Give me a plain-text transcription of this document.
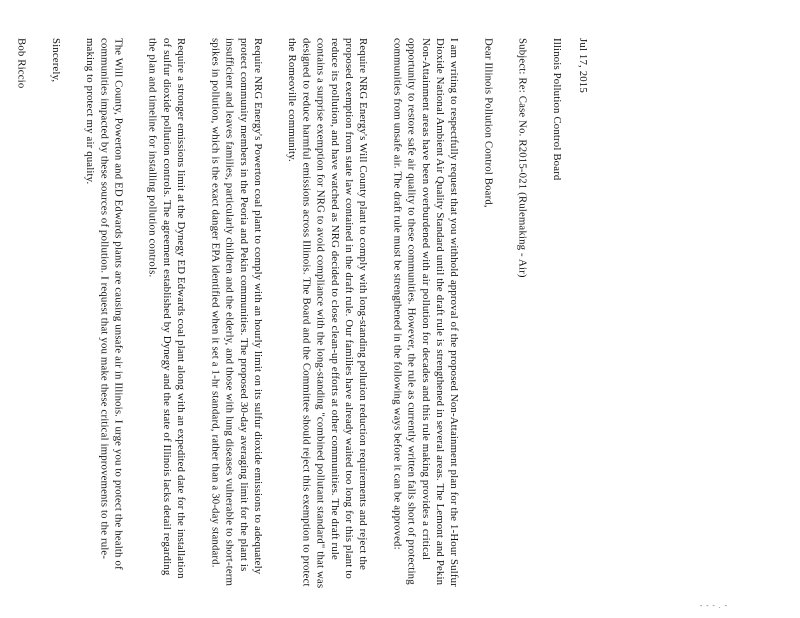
Jul 17, 2015

Illinois Pollution Control Board

Subject: Re: Case No. R2015-021 (Rulemaking - Air)

Dear Illinois Pollution Control Board,

I am writing to respectfully request that you withhold approval of the proposed Non-Attainment plan for the 1-Hour Sulfur Dioxide National Ambient Air Quality Standard until the draft rule is strengthened in several areas. The Lemont and Pekin Non-Attainment areas have been overburdened with air pollution for decades and this rule making provides a critical opportunity to restore safe air quality to these communities. However, the rule as currently written falls short of protecting communities from unsafe air. The draft rule must be strengthened in the following ways before it can be approved:

Require NRG Energy's Will County plant to comply with long-standing pollution reduction requirements and reject the proposed exemption from state law contained in the draft rule. Our families have already waited too long for this plant to reduce its pollution, and have watched as NRG decided to close clean-up efforts at other communities. The draft rule contains a surprise exemption for NRG to avoid compliance with the long-standing "combined pollutant standard" that was designed to reduce harmful emissions across Illinois. The Board and the Committee should reject this exemption to protect the Romeoville community.

Require NRG Energy's Powerton coal plant to comply with an hourly limit on its sulfur dioxide emissions to adequately protect community members in the Peoria and Pekin communities. The proposed 30-day averaging limit for the plant is insufficient and leaves families, particularly children and the elderly, and those with lung diseases vulnerable to short-term spikes in pollution, which is the exact danger EPA identified when it set a 1-hr standard, rather than a 30-day standard.

Require a stronger emissions limit at the Dynegy ED Edwards coal plant along with an expedited date for the installation of sulfur dioxide pollution controls. The agreement established by Dynegy and the state of Illinois lacks detail regarding the plan and timeline for installing pollution controls.

The Will County, Powerton and ED Edwards plants are causing unsafe air in Illinois. I urge you to protect the health of communities impacted by these sources of pollution. I request that you make these critical improvements to the rule-making to protect my air quality.

Sincerely,

Bob Riccio

- - - . -
